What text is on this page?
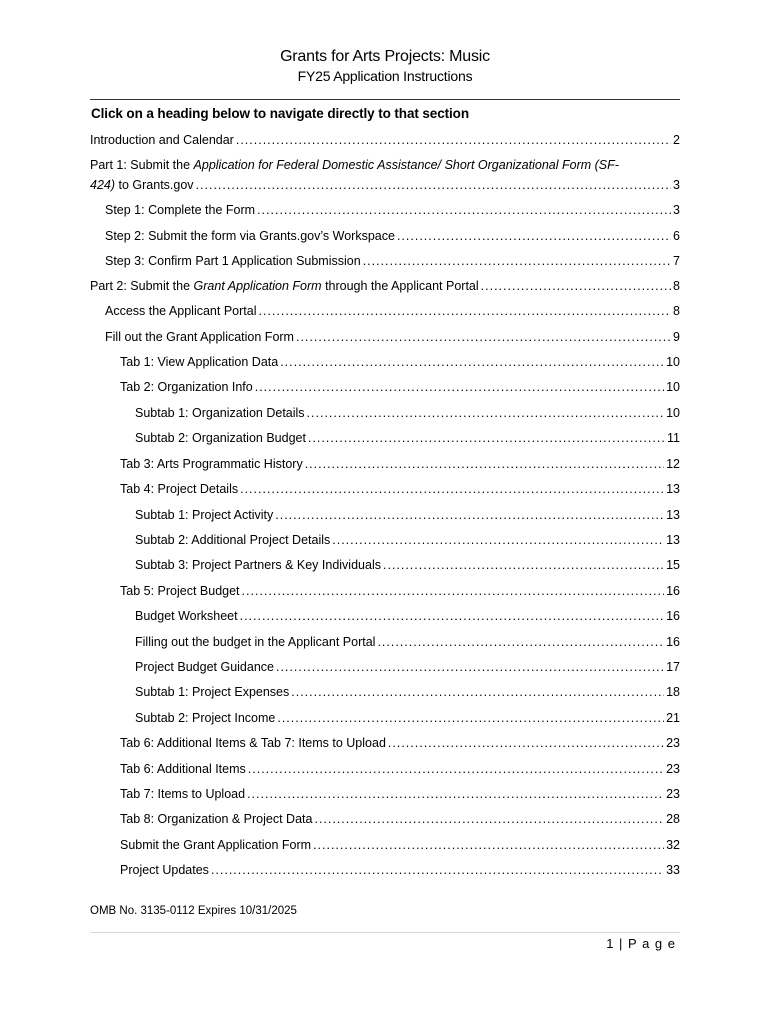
Grants for Arts Projects: Music
FY25 Application Instructions
Click on a heading below to navigate directly to that section
Introduction and Calendar .....	2
Part 1: Submit the Application for Federal Domestic Assistance/ Short Organizational Form (SF-
424) to Grants.gov .....	3
Step 1: Complete the Form .....	3
Step 2: Submit the form via Grants.gov’s Workspace .....	6
Step 3: Confirm Part 1 Application Submission .....	7
Part 2: Submit the Grant Application Form through the Applicant Portal .....	8
Access the Applicant Portal .....	8
Fill out the Grant Application Form .....	9
Tab 1: View Application Data .....	10
Tab 2: Organization Info .....	10
Subtab 1: Organization Details .....	10
Subtab 2: Organization Budget .....	11
Tab 3: Arts Programmatic History .....	12
Tab 4: Project Details .....	13
Subtab 1: Project Activity .....	13
Subtab 2: Additional Project Details .....	13
Subtab 3: Project Partners & Key Individuals .....	15
Tab 5: Project Budget .....	16
Budget Worksheet .....	16
Filling out the budget in the Applicant Portal .....	16
Project Budget Guidance .....	17
Subtab 1: Project Expenses .....	18
Subtab 2: Project Income .....	21
Tab 6: Additional Items & Tab 7: Items to Upload .....	23
Tab 6: Additional Items .....	23
Tab 7: Items to Upload .....	23
Tab 8: Organization & Project Data .....	28
Submit the Grant Application Form .....	32
Project Updates .....	33
OMB No. 3135-0112 Expires 10/31/2025
1 | P a g e
